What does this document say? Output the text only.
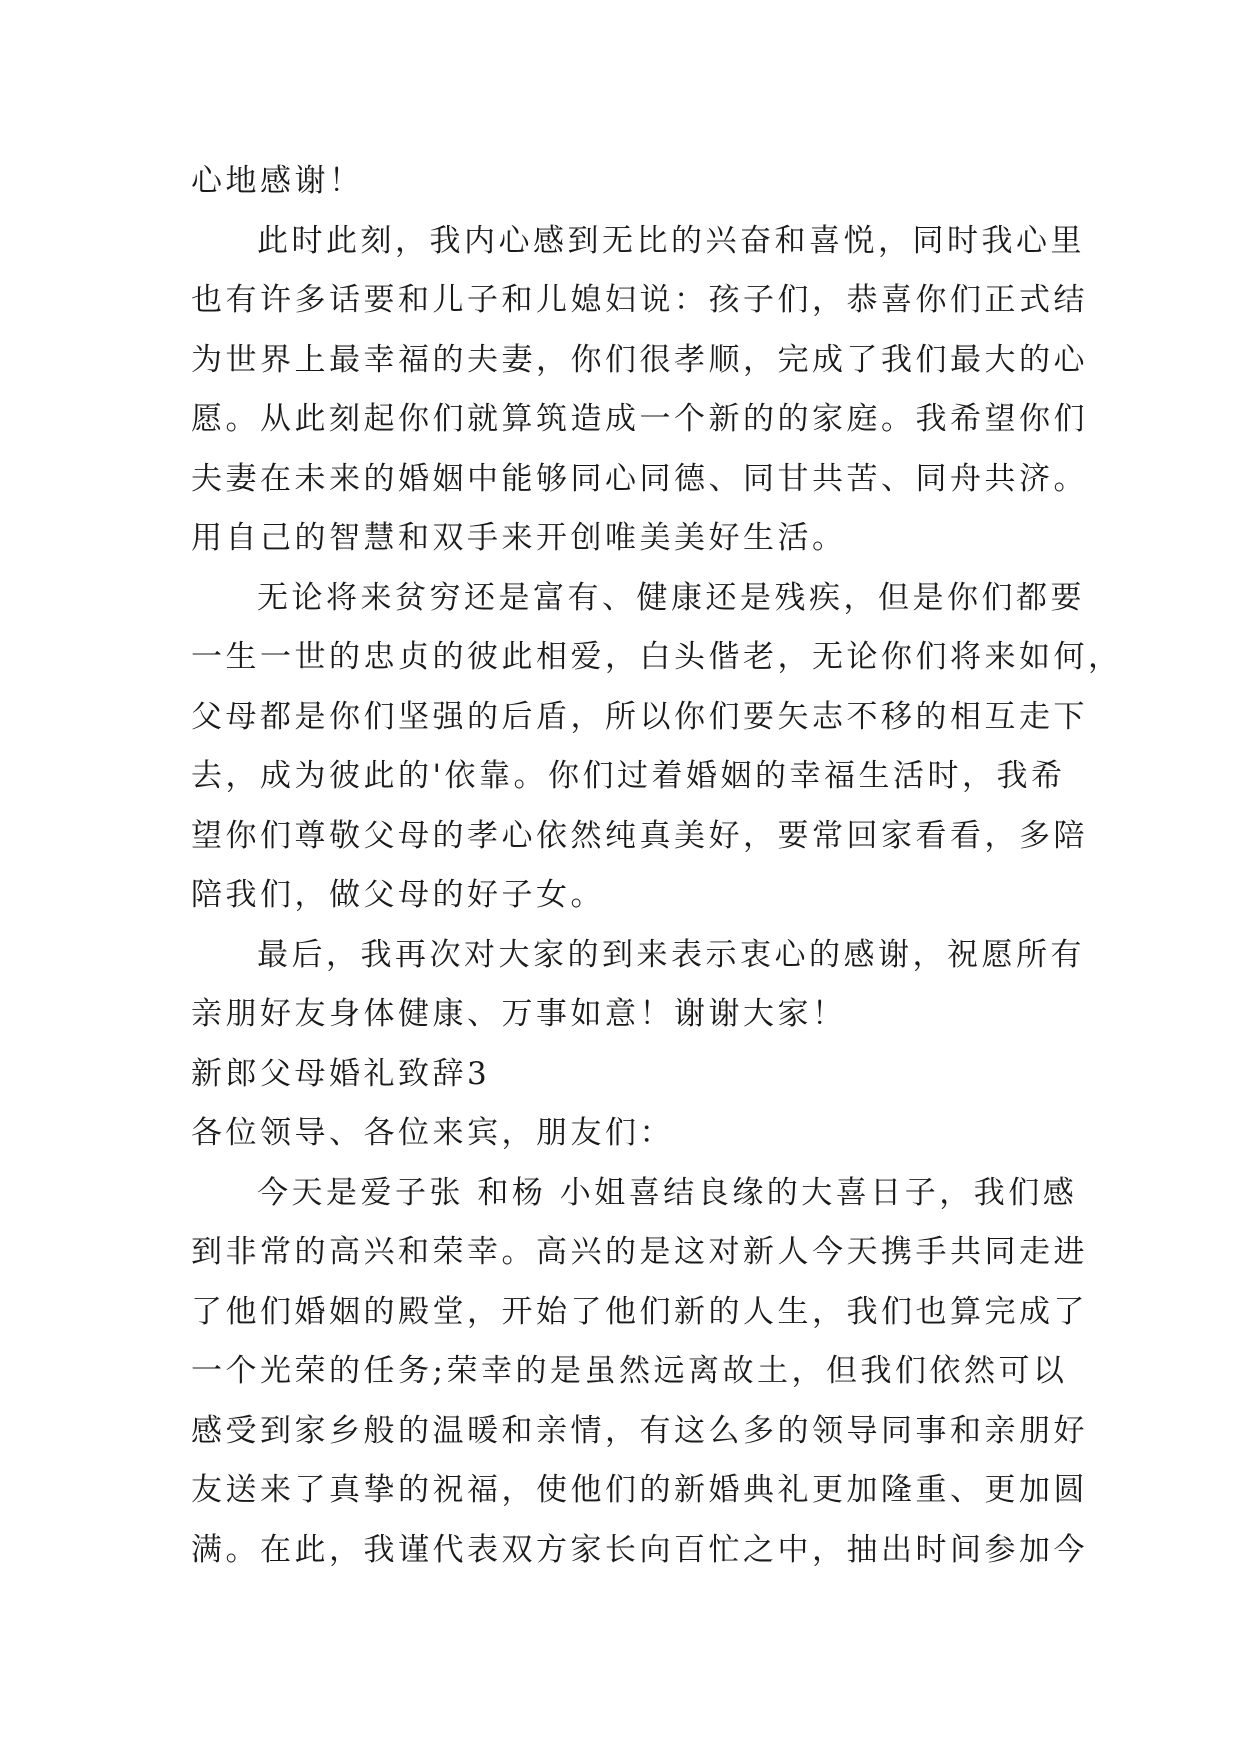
心地感谢！
此时此刻，我内心感到无比的兴奋和喜悦，同时我心里
也有许多话要和儿子和儿媳妇说：孩子们，恭喜你们正式结
为世界上最幸福的夫妻，你们很孝顺，完成了我们最大的心
愿。从此刻起你们就算筑造成一个新的的家庭。我希望你们
夫妻在未来的婚姻中能够同心同德、同甘共苦、同舟共济。
用自己的智慧和双手来开创唯美美好生活。
无论将来贫穷还是富有、健康还是残疾，但是你们都要
一生一世的忠贞的彼此相爱，白头偕老，无论你们将来如何，
父母都是你们坚强的后盾，所以你们要矢志不移的相互走下
去，成为彼此的'依靠。你们过着婚姻的幸福生活时，我希
望你们尊敬父母的孝心依然纯真美好，要常回家看看，多陪
陪我们，做父母的好子女。
最后，我再次对大家的到来表示衷心的感谢，祝愿所有
亲朋好友身体健康、万事如意！谢谢大家！
新郎父母婚礼致辞3
各位领导、各位来宾，朋友们：
今天是爱子张 和杨 小姐喜结良缘的大喜日子，我们感
到非常的高兴和荣幸。高兴的是这对新人今天携手共同走进
了他们婚姻的殿堂，开始了他们新的人生，我们也算完成了
一个光荣的任务;荣幸的是虽然远离故土，但我们依然可以
感受到家乡般的温暖和亲情，有这么多的领导同事和亲朋好
友送来了真挚的祝福，使他们的新婚典礼更加隆重、更加圆
满。在此，我谨代表双方家长向百忙之中，抽出时间参加今
